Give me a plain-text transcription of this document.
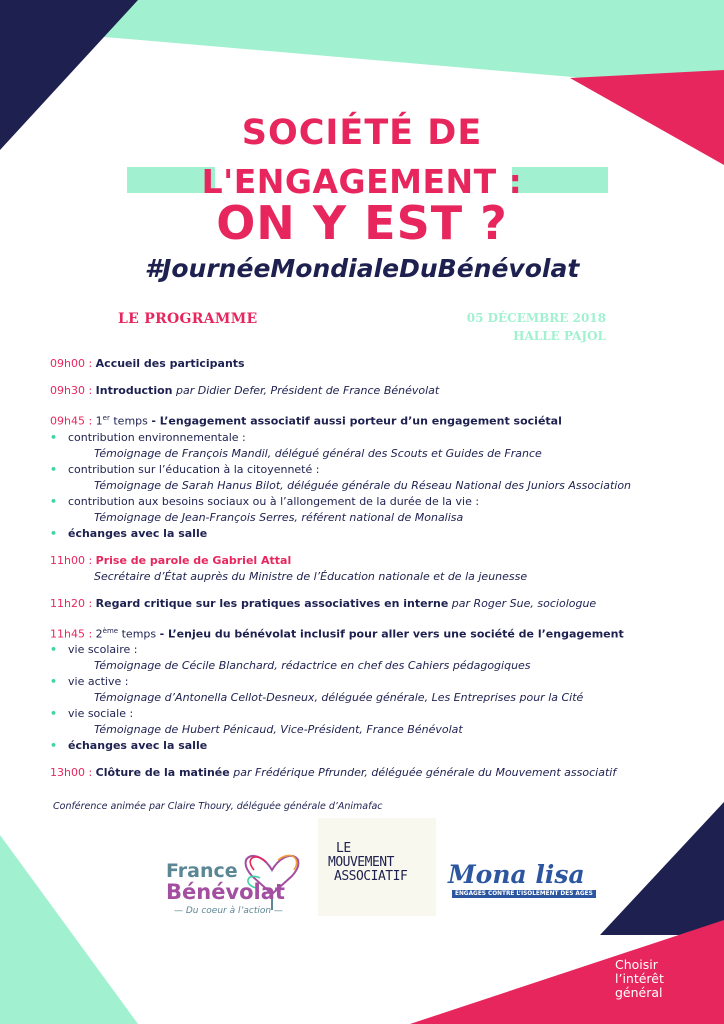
SOCIÉTÉ DE
L'ENGAGEMENT :
ON Y EST ?
#JournéeMondialeDuBénévolat
LE PROGRAMME	05 DÉCEMBRE 2018
HALLE PAJOL
09h00 : Accueil des participants
09h30 : Introduction par Didier Defer, Président de France Bénévolat
09h45 : 1er temps - L’engagement associatif aussi porteur d’un engagement sociétal
• contribution environnementale :
Témoignage de François Mandil, délégué général des Scouts et Guides de France
• contribution sur l’éducation à la citoyenneté :
Témoignage de Sarah Hanus Bilot, déléguée générale du Réseau National des Juniors Association
• contribution aux besoins sociaux ou à l’allongement de la durée de la vie :
Témoignage de Jean-François Serres, référent national de Monalisa
• échanges avec la salle
11h00 : Prise de parole de Gabriel Attal
Secrétaire d’État auprès du Ministre de l’Éducation nationale et de la jeunesse
11h20 : Regard critique sur les pratiques associatives en interne par Roger Sue, sociologue
11h45 : 2ème temps - L’enjeu du bénévolat inclusif pour aller vers une société de l’engagement
• vie scolaire :
Témoignage de Cécile Blanchard, rédactrice en chef des Cahiers pédagogiques
• vie active :
Témoignage d’Antonella Cellot-Desneux, déléguée générale, Les Entreprises pour la Cité
• vie sociale :
Témoignage de Hubert Pénicaud, Vice-Président, France Bénévolat
• échanges avec la salle
13h00 : Clôture de la matinée par Frédérique Pfrunder, déléguée générale du Mouvement associatif
Conférence animée par Claire Thoury, déléguée générale d’Animafac
France
Bénévolat
— Du coeur à l’action —
LE
MOUVEMENT
ASSOCIATIF Mona lisa
ENGAGÉS CONTRE L’ISOLEMENT DES ÂGÉS
Choisir
l’intérêt
général
